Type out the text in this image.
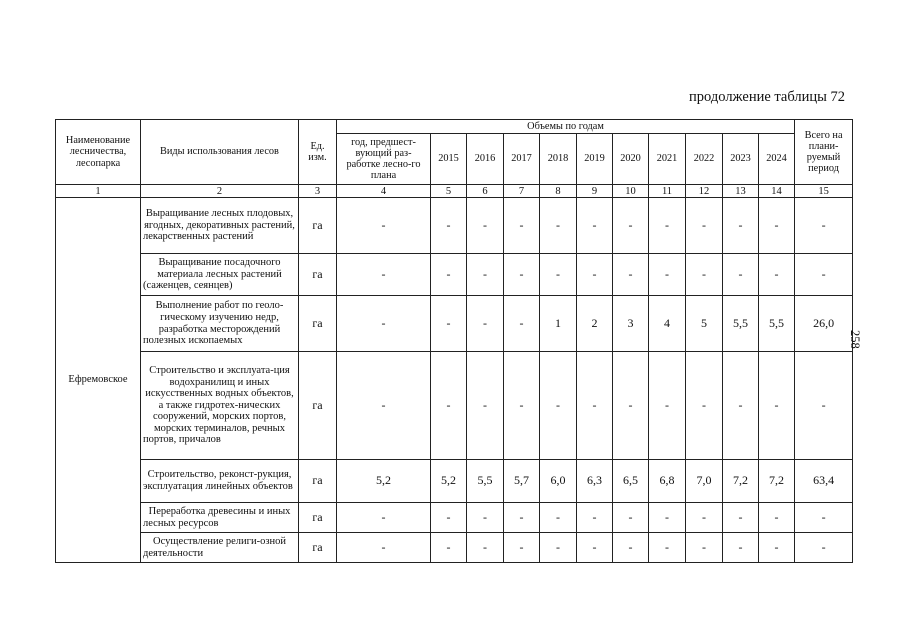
продолжение таблицы 72
Наименование лесничества, лесопарка	Виды использования лесов	Ед. изм.	Объемы по годам											Всего на плани-руемый период
			год, предшест-вующий раз-работке лесно-го плана	2015	2016	2017	2018	2019	2020	2021	2022	2023	2024	
1	2	3	4	5	6	7	8	9	10	11	12	13	14	15
Ефремовское	Выращивание лесных плодовых, ягодных, декоративных растений, лекарственных растений	га	-	-	-	-	-	-	-	-	-	-	-	-
	Выращивание посадочного материала лесных растений (саженцев, сеянцев)	га	-	-	-	-	-	-	-	-	-	-	-	-
	Выполнение работ по геоло-гическому изучению недр, разработка месторождений полезных ископаемых	га	-	-	-	-	1	2	3	4	5	5,5	5,5	26,0
	Строительство и эксплуата-ция водохранилищ и иных искусственных водных объектов, а также гидротех-нических сооружений, морских портов, морских терминалов, речных портов, причалов	га	-	-	-	-	-	-	-	-	-	-	-	-
	Строительство, реконст-рукция, эксплуатация линейных объектов	га	5,2	5,2	5,5	5,7	6,0	6,3	6,5	6,8	7,0	7,2	7,2	63,4
	Переработка древесины и иных лесных ресурсов	га	-	-	-	-	-	-	-	-	-	-	-	-
	Осуществление религи-озной деятельности	га	-	-	-	-	-	-	-	-	-	-	-	-
258
